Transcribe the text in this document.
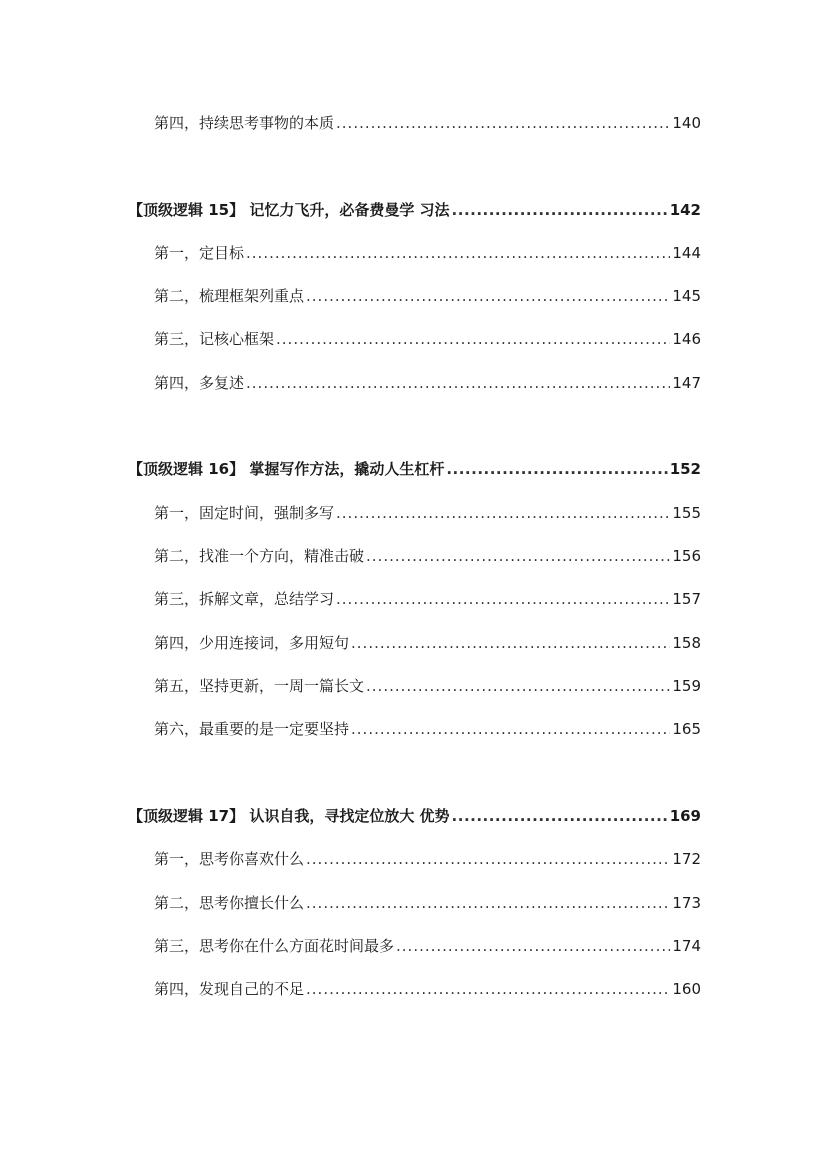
第四，持续思考事物的本质 .....	140
【顶级逻辑 15】 记忆力飞升，必备费曼学 习法 .....	142
第一，定目标 .....	144
第二，梳理框架列重点 .....	145
第三，记核心框架 .....	146
第四，多复述 .....	147
【顶级逻辑 16】 掌握写作方法，撬动人生杠杆 .....	152
第一，固定时间，强制多写 .....	155
第二，找准一个方向，精准击破 .....	156
第三，拆解文章，总结学习 .....	157
第四，少用连接词，多用短句 .....	158
第五，坚持更新，一周一篇长文 .....	159
第六，最重要的是一定要坚持 .....	165
【顶级逻辑 17】 认识自我，寻找定位放大 优势 .....	169
第一，思考你喜欢什么 .....	172
第二，思考你擅长什么 .....	173
第三，思考你在什么方面花时间最多 .....	174
第四，发现自己的不足 .....	160
